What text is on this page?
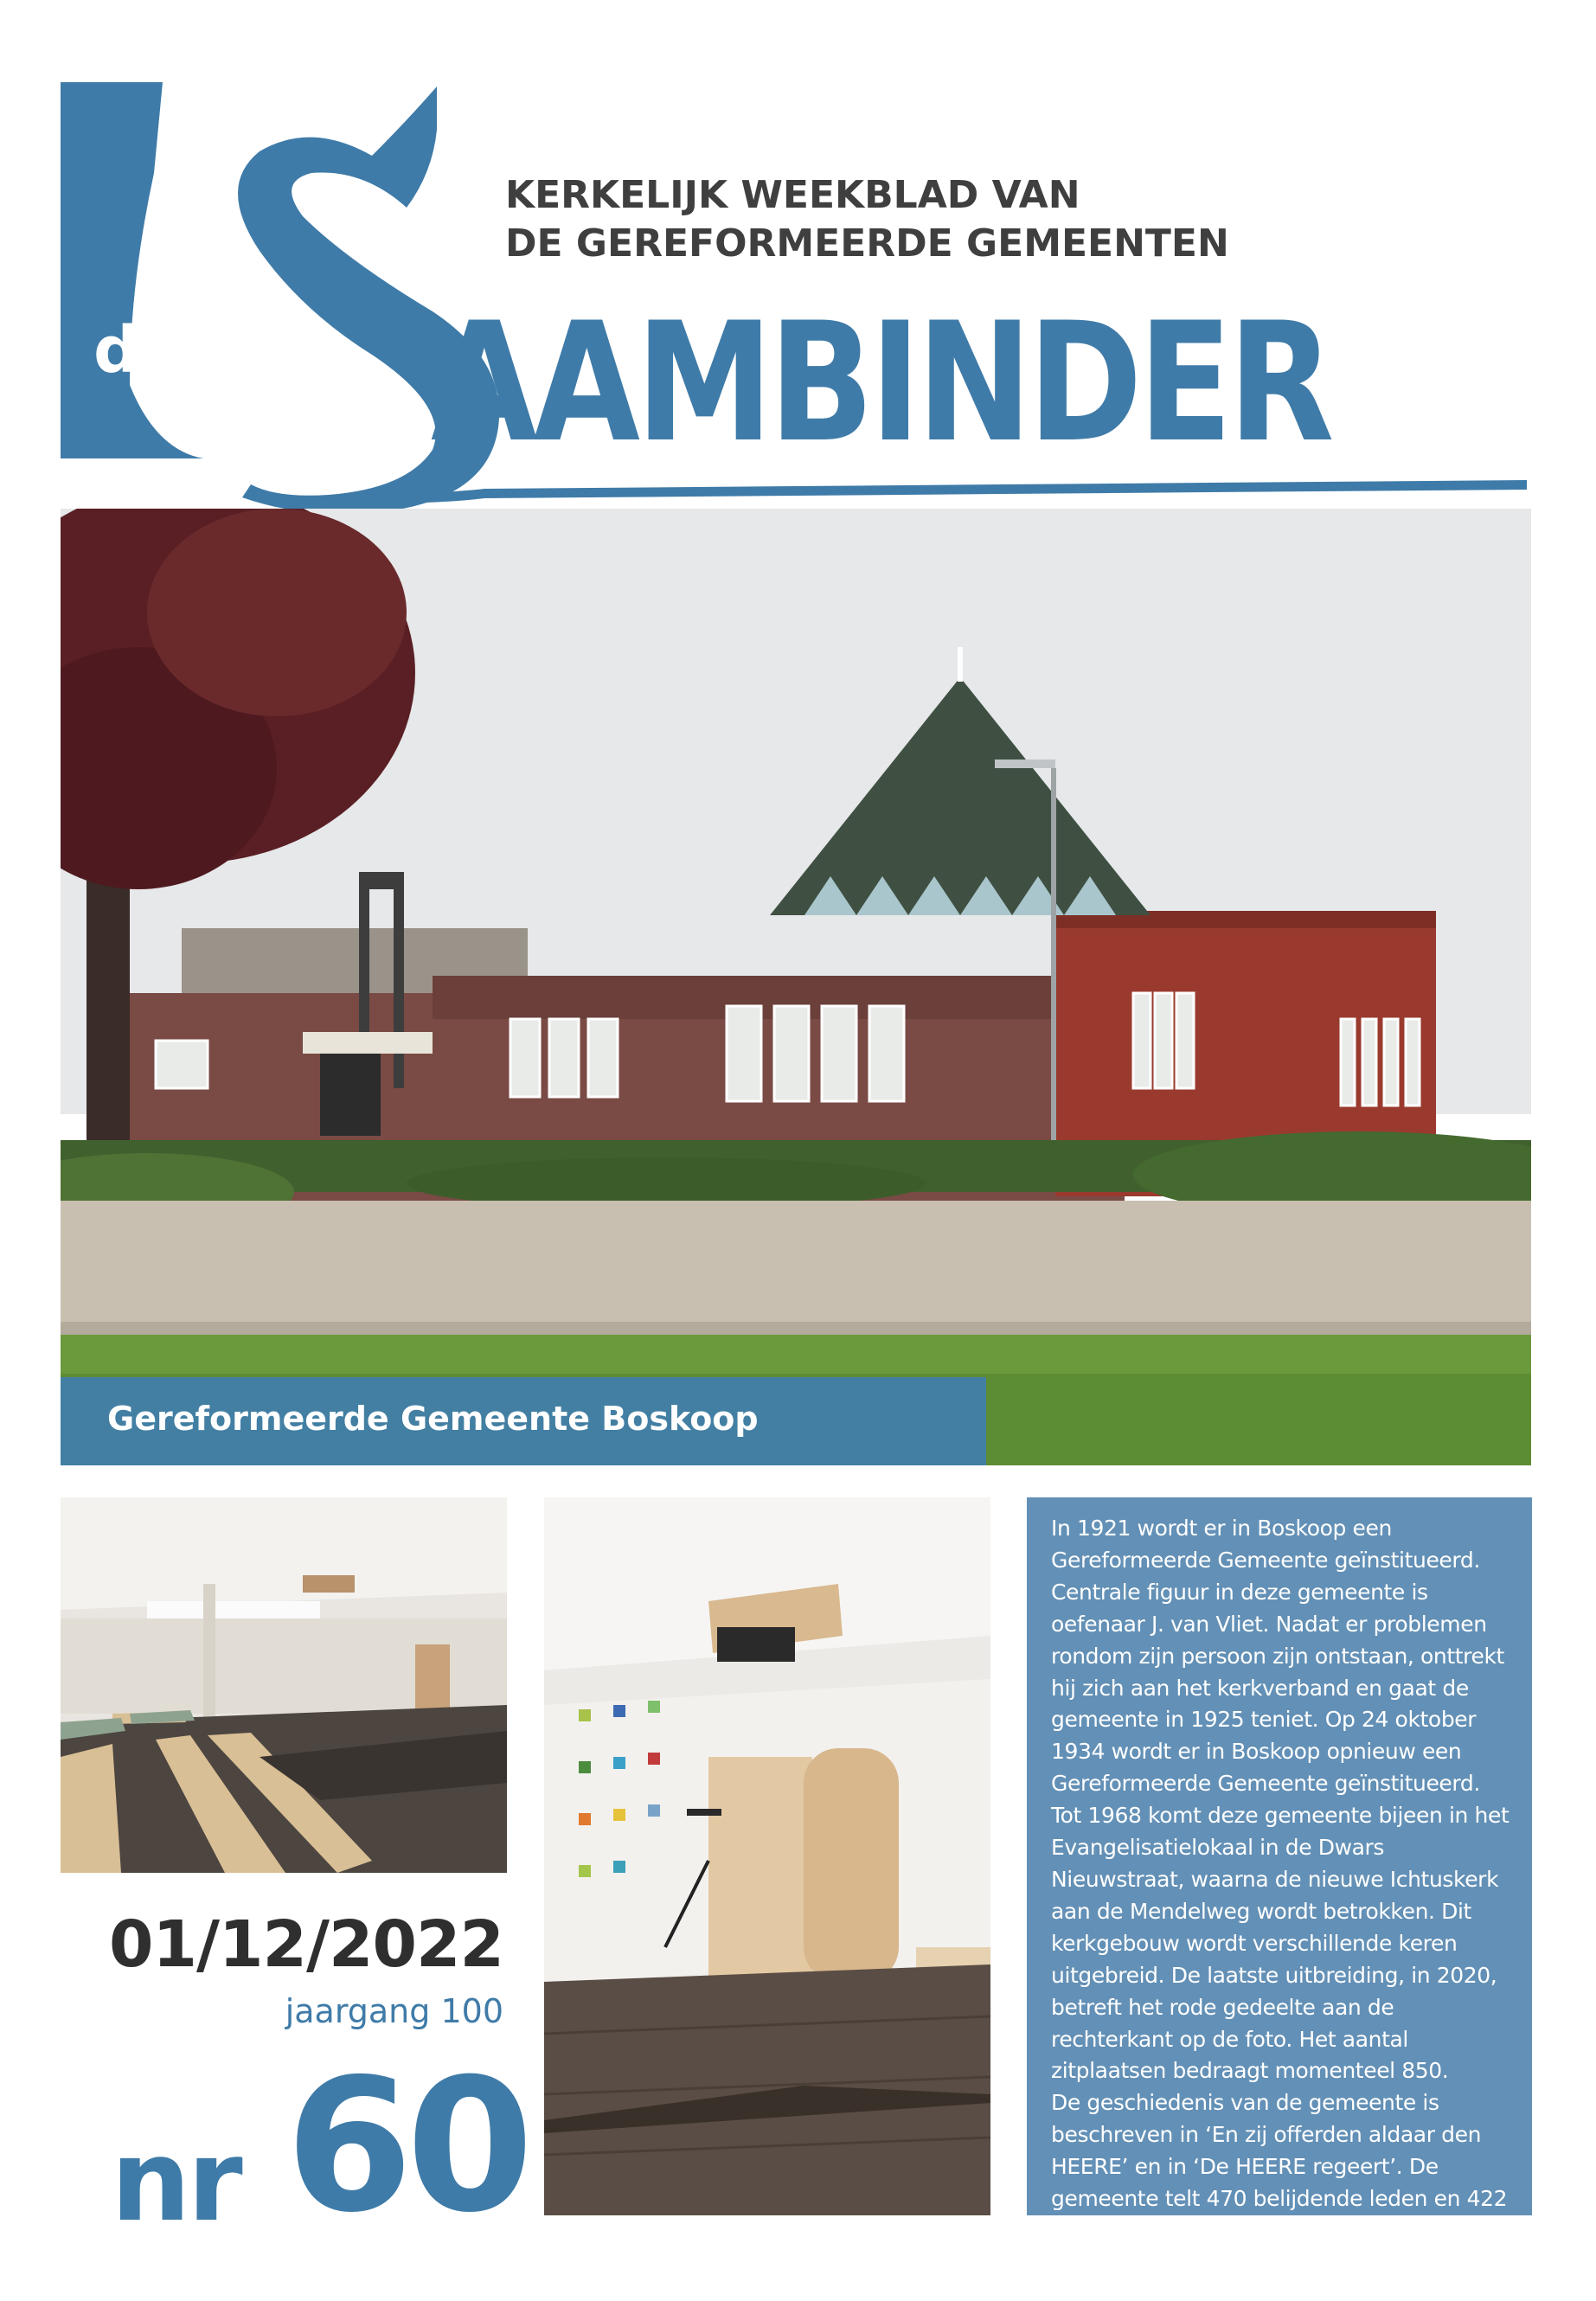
KERKELIJK WEEKBLAD VAN
DE GEREFORMEERDE GEMEENTEN
de AAMBINDER
Gereformeerde Gemeente Boskoop
01/12/2022
jaargang 100
nr 60

In 1921 wordt er in Boskoop een Gereformeerde Gemeente geïnstitueerd. Centrale figuur in deze gemeente is oefenaar J. van Vliet. Nadat er problemen rondom zijn persoon zijn ontstaan, onttrekt hij zich aan het kerkverband en gaat de gemeente in 1925 teniet. Op 24 oktober 1934 wordt er in Boskoop opnieuw een Gereformeerde Gemeente geïnstitueerd. Tot 1968 komt deze gemeente bijeen in het Evangelisatielokaal in de Dwars Nieuwstraat, waarna de nieuwe Ichtuskerk aan de Mendelweg wordt betrokken. Dit kerkgebouw wordt verschillende keren uitgebreid. De laatste uitbreiding, in 2020, betreft het rode gedeelte aan de rechterkant op de foto. Het aantal zitplaatsen bedraagt momenteel 850.

De geschiedenis van de gemeente is beschreven in ‘En zij offerden aldaar den HEERE’ en in ‘De HEERE regeert’. De gemeente telt 470 belijdende leden en 422 doopleden.
